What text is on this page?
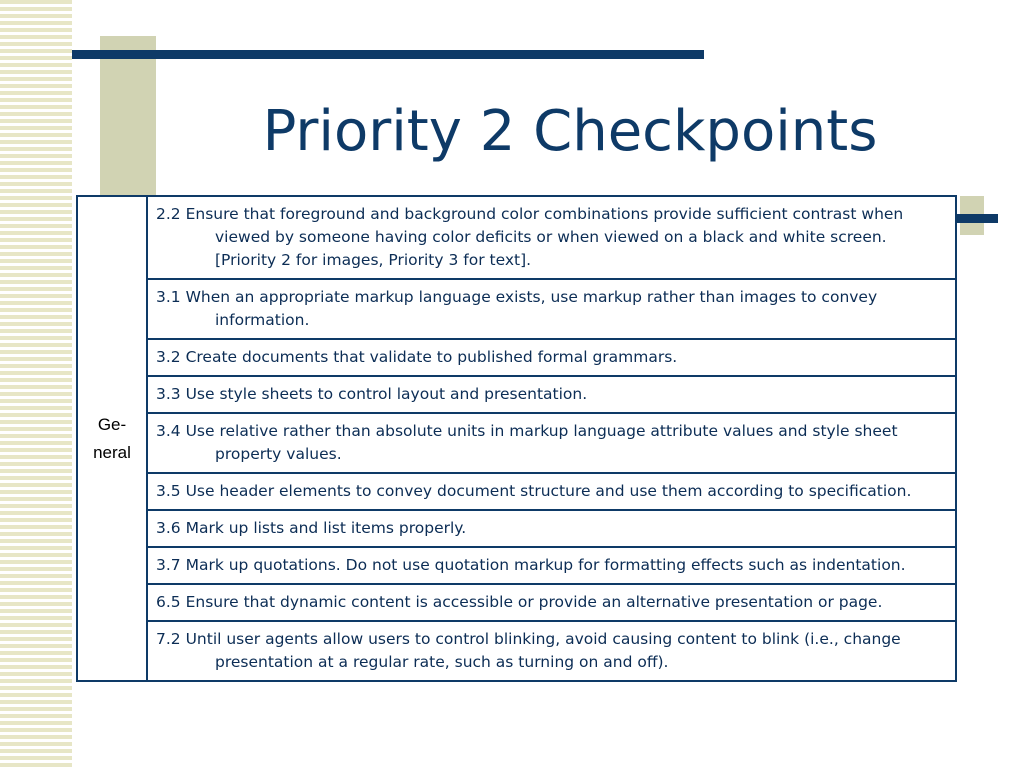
Priority 2 Checkpoints
Ge-
neral

2.2 Ensure that foreground and background color combinations provide sufficient contrast when viewed by someone having color deficits or when viewed on a black and white screen. [Priority 2 for images, Priority 3 for text].

3.1 When an appropriate markup language exists, use markup rather than images to convey information.

3.2 Create documents that validate to published formal grammars.

3.3 Use style sheets to control layout and presentation.

3.4 Use relative rather than absolute units in markup language attribute values and style sheet property values.

3.5 Use header elements to convey document structure and use them according to specification.

3.6 Mark up lists and list items properly.

3.7 Mark up quotations. Do not use quotation markup for formatting effects such as indentation.

6.5 Ensure that dynamic content is accessible or provide an alternative presentation or page.

7.2 Until user agents allow users to control blinking, avoid causing content to blink (i.e., change presentation at a regular rate, such as turning on and off).
